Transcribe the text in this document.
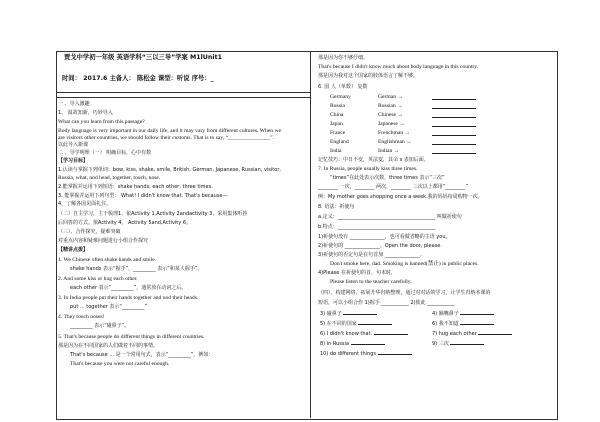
贾戈中学初一年级 英语学科“三以三导”学案 M1lUnit1
时间： 2017.6 主备人： 陈松金 课型：听说 序号：_
一 、导入激趣
1、 温故知新，巧妙导入
What can you learn from this passage?
Body language is very important in our daily life, and it may vary from different cultures. When we
are visitors other countries, we should follow their customs. That is to say, “_______________”.
以此导入新课
二 、导学明理（一） 明确目标，心中有数
【学习目标】
1.认读与掌握下列单词：bow, kiss, shake, smile, British, German, Japanese, Russian, visitor,
Russia, what, nod head, together, touch, nose.
2.能掌握并运用下列短语：shake hands, each other, three times.
3. 能掌握并运用下列句型： What! I didn't know that. That's because—
4、了解各国见面礼仪。
（二）自主学习，主干梳理1、依Activity 1,Activity 2andactivity 3，采用集体听抄
后回答的方式。依Activity 4， Activity 5and,Activity 6。
（三）、合作探究，疑难突破
对重点内容和疑难问题进行小组合作探究
【精讲点拨】
1. We Chinese often shake hands and smile.
shake hands 表示“握手”，_________ 表示“和某人握手”。
2. And some kiss or hug each other.
each other 表示“_________”，通常放在动词之后。
3. In India people put their hands together and nod their heads.
put ... together 表示“_________”
4. They touch noses!
_________ 表示“碰鼻子”。
5. That's because people do different things in different countries.
那是因为在不同国家的人们做着不同的事情。
That's because ... 是一个常用句式，表示“_________”，例如：
That's because you were not careful enough.
那是因为你不够仔细。
That's because I didn't know much about body language in this country.
那是因为我对这个国家的肢体语言了解不够。
6. 国 人（单数） 复数
Germany	German →
Russia	Russian →
China	Chinese →
Japan	Japanese →
France	Frenchman →
England	Englishman →
India	Indian →
记忆技巧：中日不变，英法变，其余 s 表加后面。
7. In Russia, people usually kiss three times.
“times”在此处表示次数，three times 表示“三次”
________ 一次，________ 两次，________ 三次以上都用“________”
例：My mother goes shopping once a week.我的妈妈每周购物一次。
8. 语法：祈使句
a.定义：_______________________________________ 叫做祈使句
b.特点：_______________________________________
1)祈使句没有 ______________，也可看做省略的主语 you。
2)祈使句的 ______________。Open the door, please.
3)祈使句的否定句是在句首加 ______________。
Don't smoke here, dad. Smoking is banned(禁止) in public places.
4)Please 在祈使句的首、句末时，
Please listen to the teacher carefully.
（四）、构建网络，拓展升华归纳整理，通过对对话的学习，让学生归纳本课的
短语，可以小组合作 1)握手 ___________ 2)彼此 ___________
3) 碰鼻子	4) 额嘴鼻子
5) 在不同的国家	6) 我不知道
6) I didn't know that.	7) hug each other
8) in Russia	9) 三次
10) do different things
